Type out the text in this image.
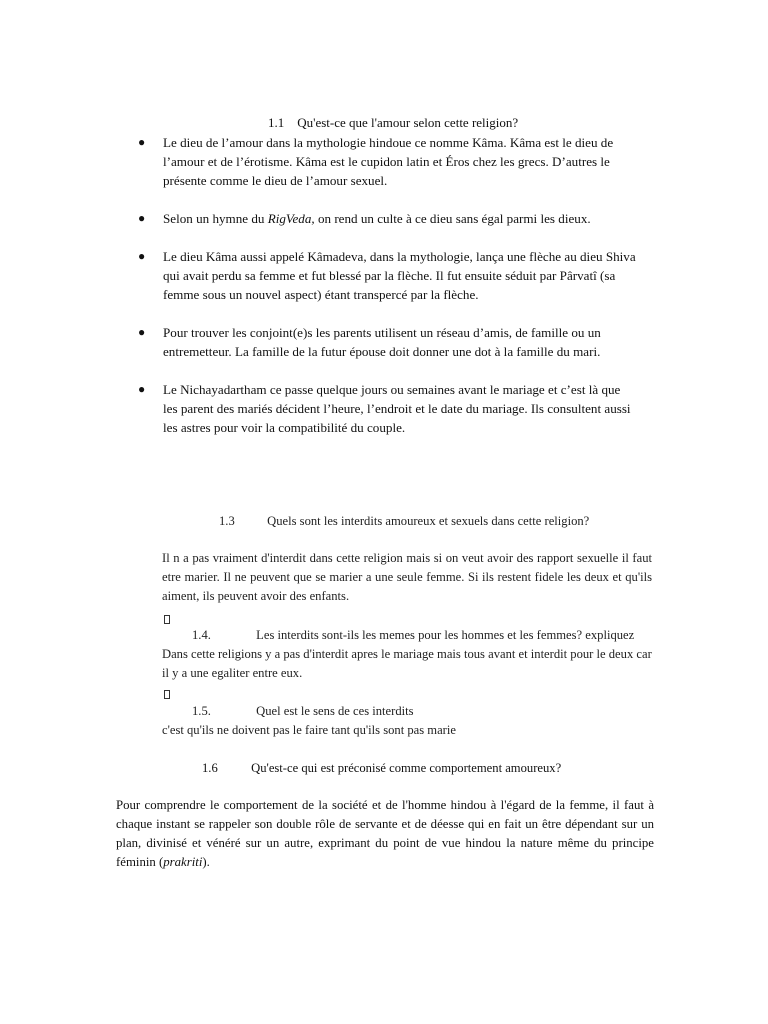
1.1 Qu'est-ce que l'amour selon cette religion?
● Le dieu de l’amour dans la mythologie hindoue ce nomme Kâma. Kâma est le dieu de l’amour et de l’érotisme. Kâma est le cupidon latin et Éros chez les grecs. D’autres le présente comme le dieu de l’amour sexuel.
● Selon un hymne du RigVeda, on rend un culte à ce dieu sans égal parmi les dieux.
● Le dieu Kâma aussi appelé Kâmadeva, dans la mythologie, lança une flèche au dieu Shiva qui avait perdu sa femme et fut blessé par la flèche. Il fut ensuite séduit par Pârvatî (sa femme sous un nouvel aspect) étant transpercé par la flèche.
● Pour trouver les conjoint(e)s les parents utilisent un réseau d’amis, de famille ou un entremetteur. La famille de la futur épouse doit donner une dot à la famille du mari.
● Le Nichayadartham ce passe quelque jours ou semaines avant le mariage et c’est là que les parent des mariés décident l’heure, l’endroit et le date du mariage. Ils consultent aussi les astres pour voir la compatibilité du couple.
1.3	Quels sont les interdits amoureux et sexuels dans cette religion?
Il n a pas vraiment d'interdit dans cette religion mais si on veut avoir des rapport sexuelle il faut etre marier. Il ne peuvent que se marier a une seule femme. Si ils restent fidele les deux et qu'ils aiment, ils peuvent avoir des enfants.
1.4.	Les interdits sont-ils les memes pour les hommes et les femmes? expliquez
Dans cette religions y a pas d'interdit apres le mariage mais tous avant et interdit pour le deux car il y a une egaliter entre eux.
1.5.	Quel est le sens de ces interdits
c'est qu'ils ne doivent pas le faire tant qu'ils sont pas marie
1.6	Qu'est-ce qui est préconisé comme comportement amoureux?
Pour comprendre le comportement de la société et de l'homme hindou à l'égard de la femme, il faut à chaque instant se rappeler son double rôle de servante et de déesse qui en fait un être dépendant sur un plan, divinisé et vénéré sur un autre, exprimant du point de vue hindou la nature même du principe féminin (prakriti).
